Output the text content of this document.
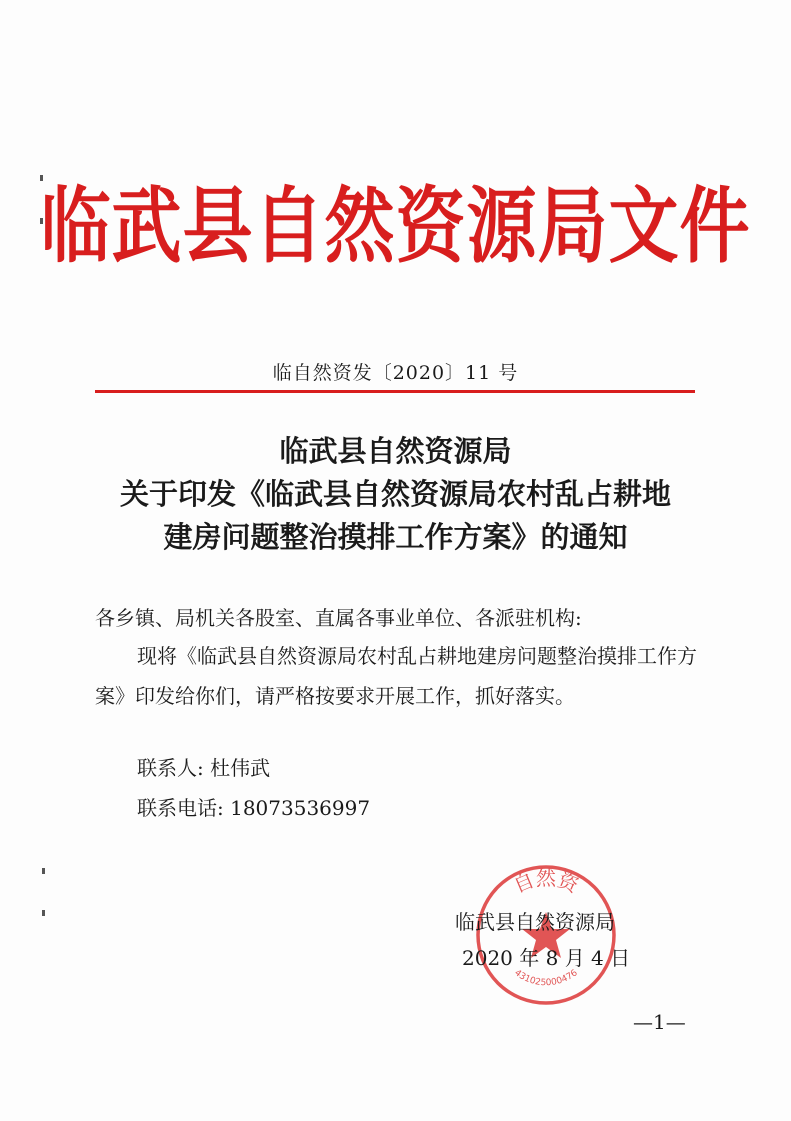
临武县自然资源局文件
临自然资发〔2020〕11 号
临武县自然资源局
关于印发《临武县自然资源局农村乱占耕地
建房问题整治摸排工作方案》的通知
各乡镇、局机关各股室、直属各事业单位、各派驻机构:
现将《临武县自然资源局农村乱占耕地建房问题整治摸排工作方案》印发给你们，请严格按要求开展工作，抓好落实。
联系人: 杜伟武
联系电话: 18073536997
自然资
431025000476
临武县自然资源局
2020 年 8 月 4 日
—1—
